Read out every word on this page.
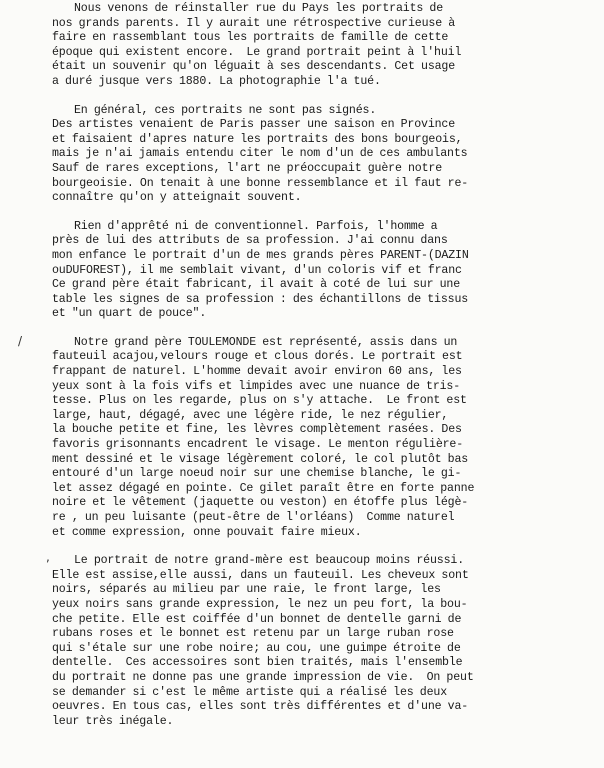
/
,
Nous venons de réinstaller rue du Pays les portraits de
nos grands parents. Il y aurait une rétrospective curieuse à
faire en rassemblant tous les portraits de famille de cette
époque qui existent encore.  Le grand portrait peint à l'huil
était un souvenir qu'on léguait à ses descendants. Cet usage
a duré jusque vers 1880. La photographie l'a tué.
En général, ces portraits ne sont pas signés.
Des artistes venaient de Paris passer une saison en Province
et faisaient d'apres nature les portraits des bons bourgeois,
mais je n'ai jamais entendu citer le nom d'un de ces ambulants
Sauf de rares exceptions, l'art ne préoccupait guère notre
bourgeoisie. On tenait à une bonne ressemblance et il faut re-
connaître qu'on y atteignait souvent.
Rien d'apprêté ni de conventionnel. Parfois, l'homme a
près de lui des attributs de sa profession. J'ai connu dans
mon enfance le portrait d'un de mes grands pères PARENT-(DAZIN
ouDUFOREST), il me semblait vivant, d'un coloris vif et franc
Ce grand père était fabricant, il avait à coté de lui sur une
table les signes de sa profession : des échantillons de tissus
et "un quart de pouce".
Notre grand père TOULEMONDE est représenté, assis dans un
fauteuil acajou,velours rouge et clous dorés. Le portrait est
frappant de naturel. L'homme devait avoir environ 60 ans, les
yeux sont à la fois vifs et limpides avec une nuance de tris-
tesse. Plus on les regarde, plus on s'y attache.  Le front est
large, haut, dégagé, avec une légère ride, le nez régulier,
la bouche petite et fine, les lèvres complètement rasées. Des
favoris grisonnants encadrent le visage. Le menton régulière-
ment dessiné et le visage légèrement coloré, le col plutôt bas
entouré d'un large noeud noir sur une chemise blanche, le gi-
let assez dégagé en pointe. Ce gilet paraît être en forte panne
noire et le vêtement (jaquette ou veston) en étoffe plus légè-
re , un peu luisante (peut-être de l'orléans)  Comme naturel
et comme expression, onne pouvait faire mieux.
Le portrait de notre grand-mère est beaucoup moins réussi.
Elle est assise,elle aussi, dans un fauteuil. Les cheveux sont
noirs, séparés au milieu par une raie, le front large, les
yeux noirs sans grande expression, le nez un peu fort, la bou-
che petite. Elle est coiffée d'un bonnet de dentelle garni de
rubans roses et le bonnet est retenu par un large ruban rose
qui s'étale sur une robe noire; au cou, une guimpe étroite de
dentelle.  Ces accessoires sont bien traités, mais l'ensemble
du portrait ne donne pas une grande impression de vie.  On peut
se demander si c'est le même artiste qui a réalisé les deux
oeuvres. En tous cas, elles sont très différentes et d'une va-
leur très inégale.
